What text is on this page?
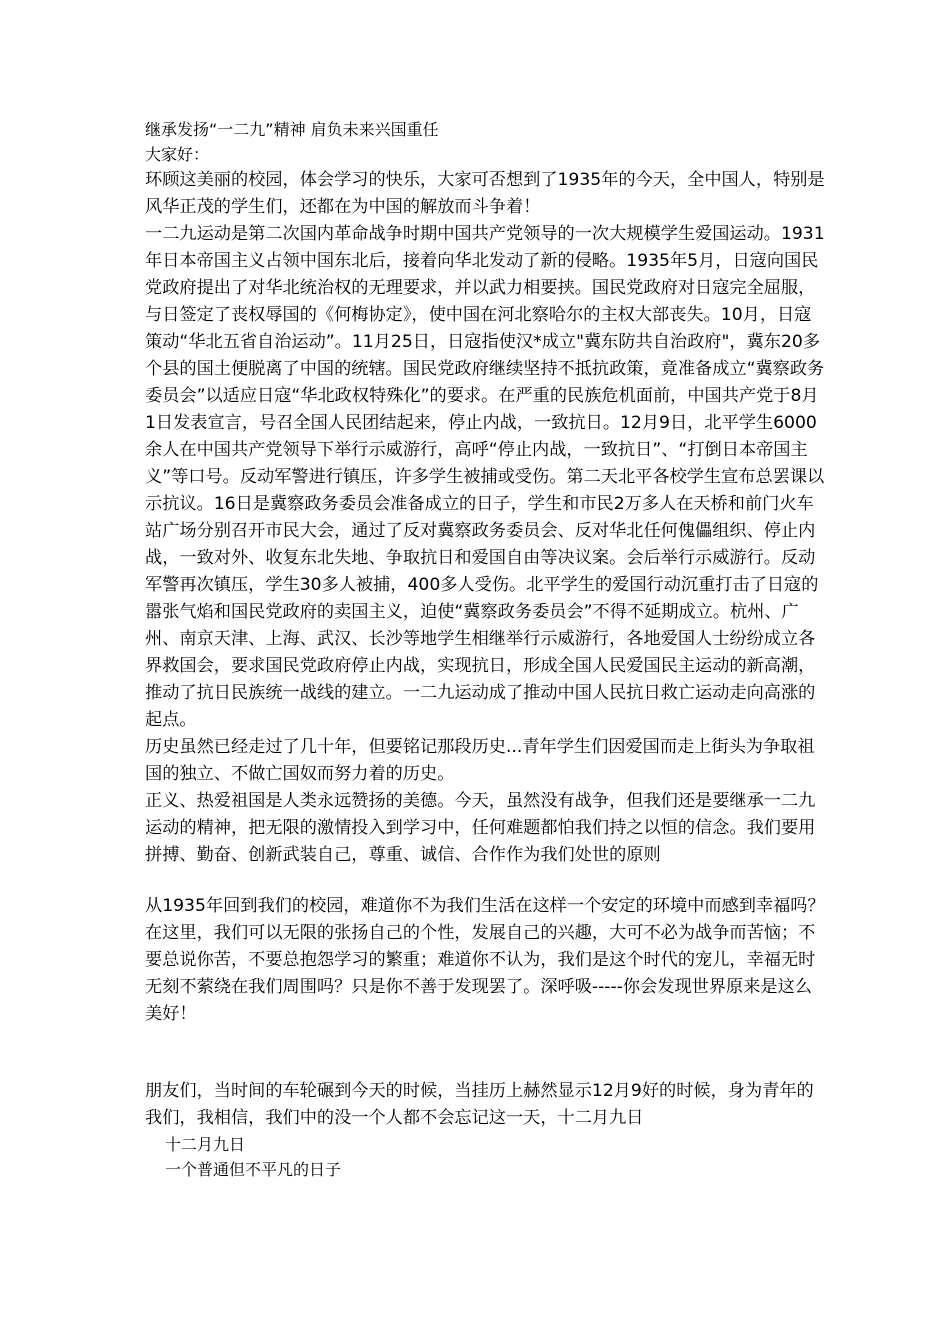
继承发扬“一二九”精神 肩负未来兴国重任
大家好：

环顾这美丽的校园，体会学习的快乐，大家可否想到了1935年的今天，全中国人，特别是风华正茂的学生们，还都在为中国的解放而斗争着！

一二九运动是第二次国内革命战争时期中国共产党领导的一次大规模学生爱国运动。1931年日本帝国主义占领中国东北后，接着向华北发动了新的侵略。1935年5月，日寇向国民党政府提出了对华北统治权的无理要求，并以武力相要挟。国民党政府对日寇完全屈服，与日签定了丧权辱国的《何梅协定》，使中国在河北察哈尔的主权大部丧失。10月，日寇策动“华北五省自治运动”。11月25日，日寇指使汉*成立"冀东防共自治政府"，冀东20多个县的国土便脱离了中国的统辖。国民党政府继续坚持不抵抗政策，竟准备成立“冀察政务委员会”以适应日寇“华北政权特殊化”的要求。在严重的民族危机面前，中国共产党于8月1日发表宣言，号召全国人民团结起来，停止内战，一致抗日。12月9日，北平学生6000余人在中国共产党领导下举行示威游行，高呼“停止内战，一致抗日”、“打倒日本帝国主义”等口号。反动军警进行镇压，许多学生被捕或受伤。第二天北平各校学生宣布总罢课以示抗议。16日是冀察政务委员会准备成立的日子，学生和市民2万多人在天桥和前门火车站广场分别召开市民大会，通过了反对冀察政务委员会、反对华北任何傀儡组织、停止内战，一致对外、收复东北失地、争取抗日和爱国自由等决议案。会后举行示威游行。反动军警再次镇压，学生30多人被捕，400多人受伤。北平学生的爱国行动沉重打击了日寇的嚣张气焰和国民党政府的卖国主义，迫使“冀察政务委员会”不得不延期成立。杭州、广州、南京天津、上海、武汉、长沙等地学生相继举行示威游行，各地爱国人士纷纷成立各界救国会，要求国民党政府停止内战，实现抗日，形成全国人民爱国民主运动的新高潮，推动了抗日民族统一战线的建立。一二九运动成了推动中国人民抗日救亡运动走向高涨的起点。

历史虽然已经走过了几十年，但要铭记那段历史...青年学生们因爱国而走上街头为争取祖国的独立、不做亡国奴而努力着的历史。

正义、热爱祖国是人类永远赞扬的美德。今天，虽然没有战争，但我们还是要继承一二九运动的精神，把无限的激情投入到学习中，任何难题都怕我们持之以恒的信念。我们要用拼搏、勤奋、创新武装自己，尊重、诚信、合作作为我们处世的原则

从1935年回到我们的校园，难道你不为我们生活在这样一个安定的环境中而感到幸福吗？在这里，我们可以无限的张扬自己的个性，发展自己的兴趣，大可不必为战争而苦恼；不要总说你苦，不要总抱怨学习的繁重；难道你不认为，我们是这个时代的宠儿，幸福无时无刻不萦绕在我们周围吗？只是你不善于发现罢了。深呼吸-----你会发现世界原来是这么美好！

朋友们，当时间的车轮碾到今天的时候，当挂历上赫然显示12月9好的时候，身为青年的我们，我相信，我们中的没一个人都不会忘记这一天，十二月九日

十二月九日
一个普通但不平凡的日子
